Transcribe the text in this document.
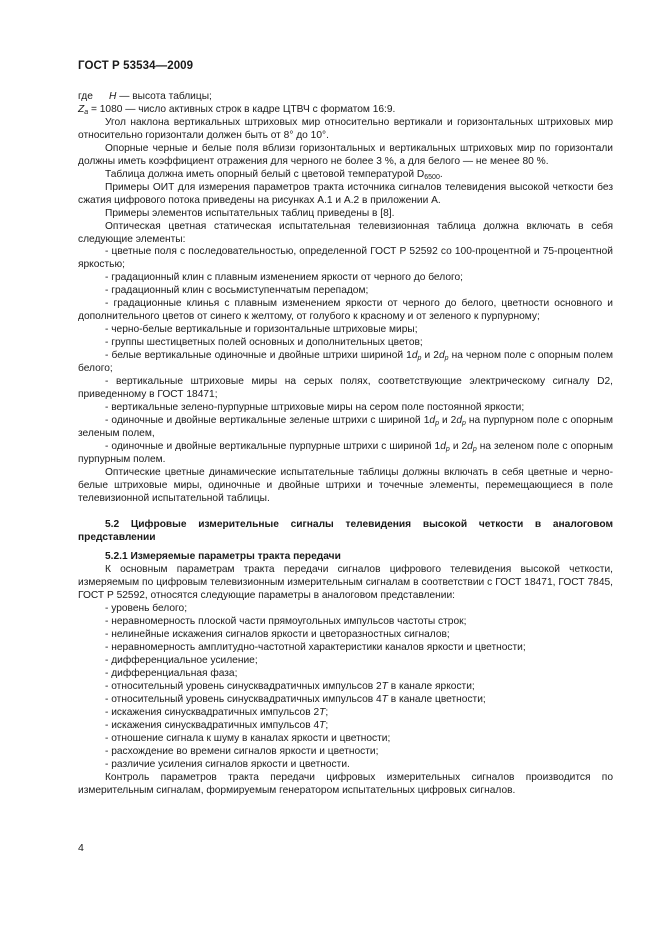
ГОСТ Р 53534—2009
где H — высота таблицы;

$Z_a = 1080$ — число активных строк в кадре ЦТВЧ с форматом 16:9.

Угол наклона вертикальных штриховых мир относительно вертикали и горизонтальных штриховых мир относительно горизонтали должен быть от 8° до 10°.

Опорные черные и белые поля вблизи горизонтальных и вертикальных штриховых мир по горизонтали должны иметь коэффициент отражения для черного не более 3 %, а для белого — не менее 80 %.

Таблица должна иметь опорный белый с цветовой температурой $D_{6500}$.

Примеры ОИТ для измерения параметров тракта источника сигналов телевидения высокой четкости без сжатия цифрового потока приведены на рисунках А.1 и А.2 в приложении А.

Примеры элементов испытательных таблиц приведены в [8].

Оптическая цветная статическая испытательная телевизионная таблица должна включать в себя следующие элементы:

- цветные поля с последовательностью, определенной ГОСТ Р 52592 со 100-процентной и 75-процентной яркостью;

- градационный клин с плавным изменением яркости от черного до белого;

- градационный клин с восьмиступенчатым перепадом;

- градационные клинья с плавным изменением яркости от черного до белого, цветности основного и дополнительного цветов от синего к желтому, от голубого к красному и от зеленого к пурпурному;

- черно-белые вертикальные и горизонтальные штриховые миры;

- группы шестицветных полей основных и дополнительных цветов;

- белые вертикальные одиночные и двойные штрихи шириной $1d_p$ и $2d_p$ на черном поле с опорным полем белого;

- вертикальные штриховые миры на серых полях, соответствующие электрическому сигналу D2, приведенному в ГОСТ 18471;

- вертикальные зелено-пурпурные штриховые миры на сером поле постоянной яркости;

- одиночные и двойные вертикальные зеленые штрихи с шириной $1d_p$ и $2d_p$ на пурпурном поле с опорным зеленым полем,

- одиночные и двойные вертикальные пурпурные штрихи с шириной $1d_p$ и $2d_p$ на зеленом поле с опорным пурпурным полем.

Оптические цветные динамические испытательные таблицы должны включать в себя цветные и черно-белые штриховые миры, одиночные и двойные штрихи и точечные элементы, перемещающиеся в поле телевизионной испытательной таблицы.

5.2 Цифровые измерительные сигналы телевидения высокой четкости в аналоговом представлении

5.2.1 Измеряемые параметры тракта передачи

К основным параметрам тракта передачи сигналов цифрового телевидения высокой четкости, измеряемым по цифровым телевизионным измерительным сигналам в соответствии с ГОСТ 18471, ГОСТ 7845, ГОСТ Р 52592, относятся следующие параметры в аналоговом представлении:

- уровень белого;

- неравномерность плоской части прямоугольных импульсов частоты строк;

- нелинейные искажения сигналов яркости и цветоразностных сигналов;

- неравномерность амплитудно-частотной характеристики каналов яркости и цветности;

- дифференциальное усиление;

- дифференциальная фаза;

- относительный уровень синусквадратичных импульсов 2T в канале яркости;

- относительный уровень синусквадратичных импульсов 4T в канале цветности;

- искажения синусквадратичных импульсов 2T;

- искажения синусквадратичных импульсов 4T;

- отношение сигнала к шуму в каналах яркости и цветности;

- расхождение во времени сигналов яркости и цветности;

- различие усиления сигналов яркости и цветности.

Контроль параметров тракта передачи цифровых измерительных сигналов производится по измерительным сигналам, формируемым генератором испытательных цифровых сигналов.

4
